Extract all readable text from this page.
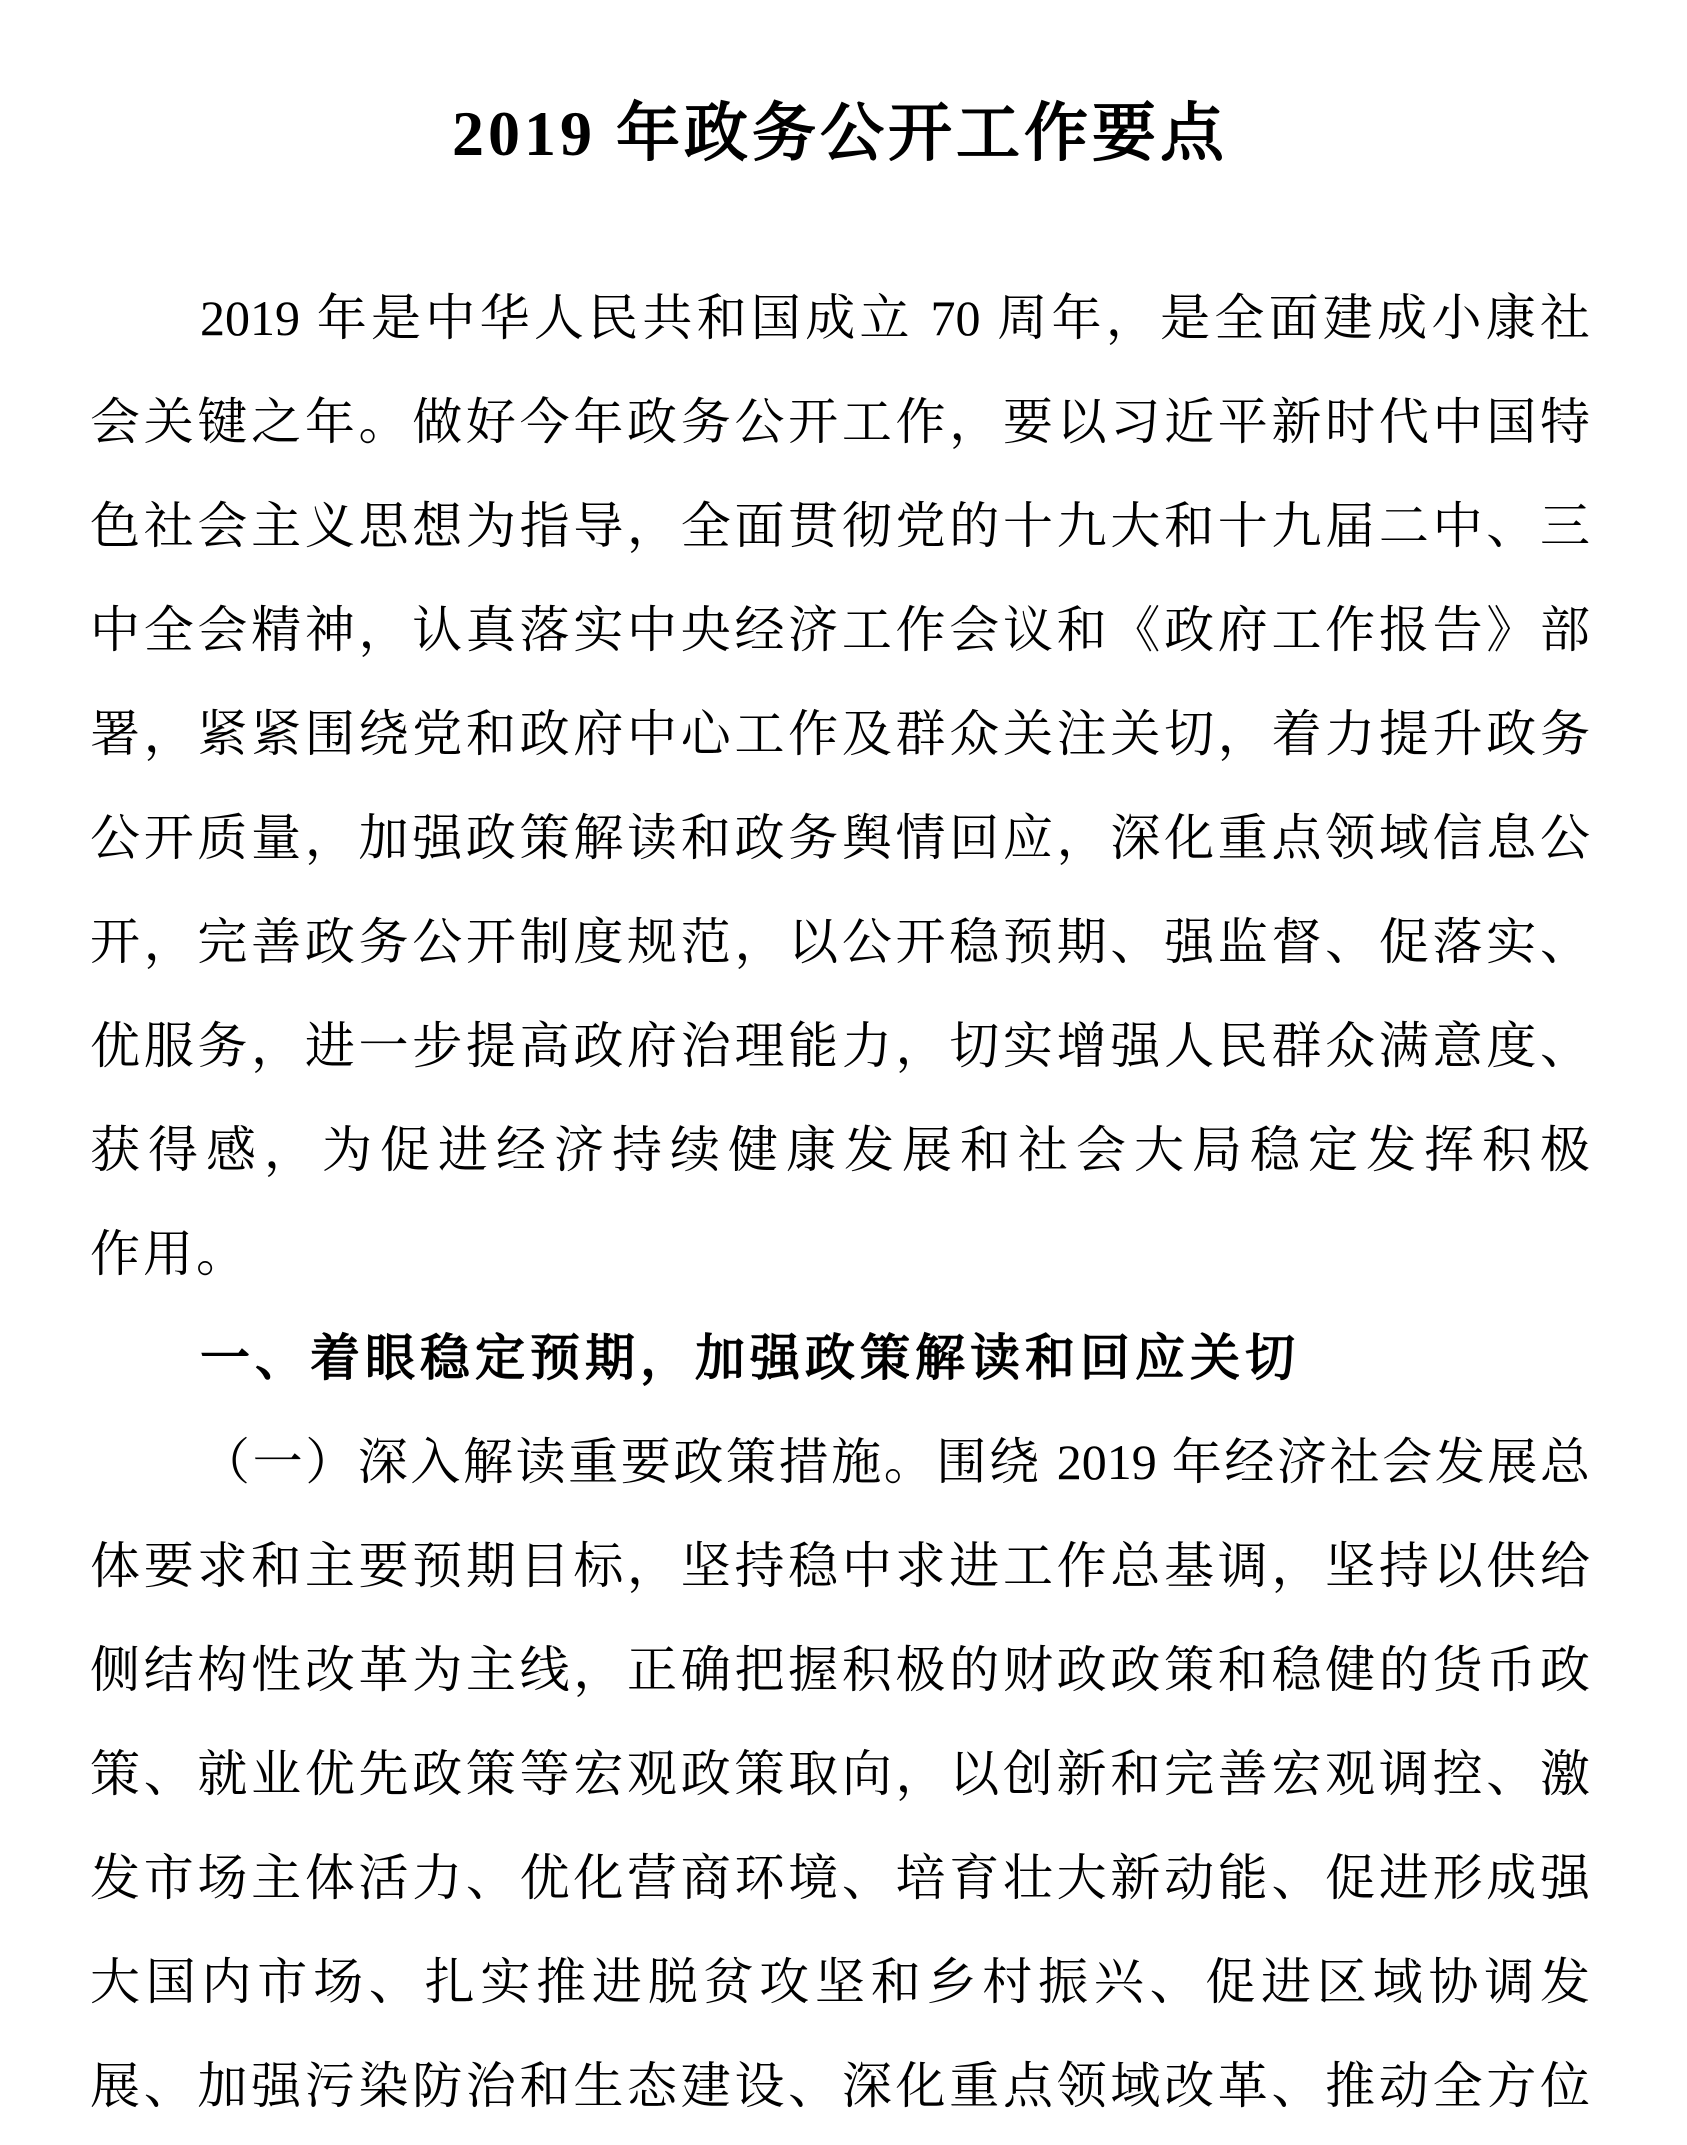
2019 年政务公开工作要点
2019 年是中华人民共和国成立 70 周年，是全面建成小康社
会关键之年。做好今年政务公开工作，要以习近平新时代中国特
色社会主义思想为指导，全面贯彻党的十九大和十九届二中、三
中全会精神，认真落实中央经济工作会议和《政府工作报告》部
署，紧紧围绕党和政府中心工作及群众关注关切，着力提升政务
公开质量，加强政策解读和政务舆情回应，深化重点领域信息公
开，完善政务公开制度规范，以公开稳预期、强监督、促落实、
优服务，进一步提高政府治理能力，切实增强人民群众满意度、
获得感，为促进经济持续健康发展和社会大局稳定发挥积极
作用。
一、着眼稳定预期，加强政策解读和回应关切
（一）深入解读重要政策措施。围绕 2019 年经济社会发展总
体要求和主要预期目标，坚持稳中求进工作总基调，坚持以供给
侧结构性改革为主线，正确把握积极的财政政策和稳健的货币政
策、就业优先政策等宏观政策取向，以创新和完善宏观调控、激
发市场主体活力、优化营商环境、培育壮大新动能、促进形成强
大国内市场、扎实推进脱贫攻坚和乡村振兴、促进区域协调发
展、加强污染防治和生态建设、深化重点领域改革、推动全方位
